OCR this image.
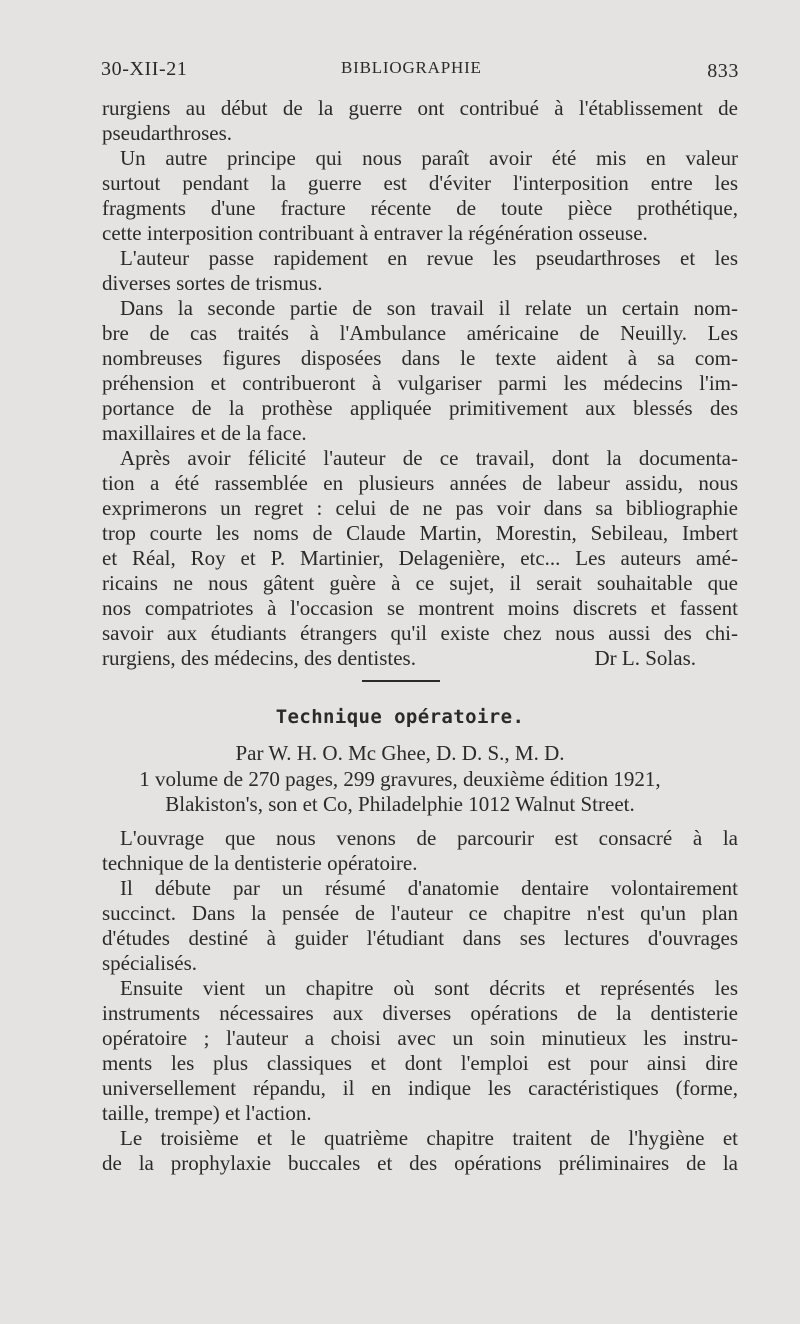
30-XII-21	BIBLIOGRAPHIE	833
rurgiens au début de la guerre ont contribué à l'établissement de
pseudarthroses.
Un autre principe qui nous paraît avoir été mis en valeur
surtout pendant la guerre est d'éviter l'interposition entre les
fragments d'une fracture récente de toute pièce prothétique,
cette interposition contribuant à entraver la régénération osseuse.
L'auteur passe rapidement en revue les pseudarthroses et les
diverses sortes de trismus.
Dans la seconde partie de son travail il relate un certain nom-
bre de cas traités à l'Ambulance américaine de Neuilly. Les
nombreuses figures disposées dans le texte aident à sa com-
préhension et contribueront à vulgariser parmi les médecins l'im-
portance de la prothèse appliquée primitivement aux blessés des
maxillaires et de la face.
Après avoir félicité l'auteur de ce travail, dont la documenta-
tion a été rassemblée en plusieurs années de labeur assidu, nous
exprimerons un regret : celui de ne pas voir dans sa bibliographie
trop courte les noms de Claude Martin, Morestin, Sebileau, Imbert
et Réal, Roy et P. Martinier, Delagenière, etc... Les auteurs amé-
ricains ne nous gâtent guère à ce sujet, il serait souhaitable que
nos compatriotes à l'occasion se montrent moins discrets et fassent
savoir aux étudiants étrangers qu'il existe chez nous aussi des chi-
rurgiens, des médecins, des dentistes.	Dr L. Solas.
Technique opératoire.
Par W. H. O. Mc Ghee, D. D. S., M. D.
1 volume de 270 pages, 299 gravures, deuxième édition 1921,
Blakiston's, son et Co, Philadelphie 1012 Walnut Street.
L'ouvrage que nous venons de parcourir est consacré à la
technique de la dentisterie opératoire.
Il débute par un résumé d'anatomie dentaire volontairement
succinct. Dans la pensée de l'auteur ce chapitre n'est qu'un plan
d'études destiné à guider l'étudiant dans ses lectures d'ouvrages
spécialisés.
Ensuite vient un chapitre où sont décrits et représentés les
instruments nécessaires aux diverses opérations de la dentisterie
opératoire ; l'auteur a choisi avec un soin minutieux les instru-
ments les plus classiques et dont l'emploi est pour ainsi dire
universellement répandu, il en indique les caractéristiques (forme,
taille, trempe) et l'action.
Le troisième et le quatrième chapitre traitent de l'hygiène et
de la prophylaxie buccales et des opérations préliminaires de la
